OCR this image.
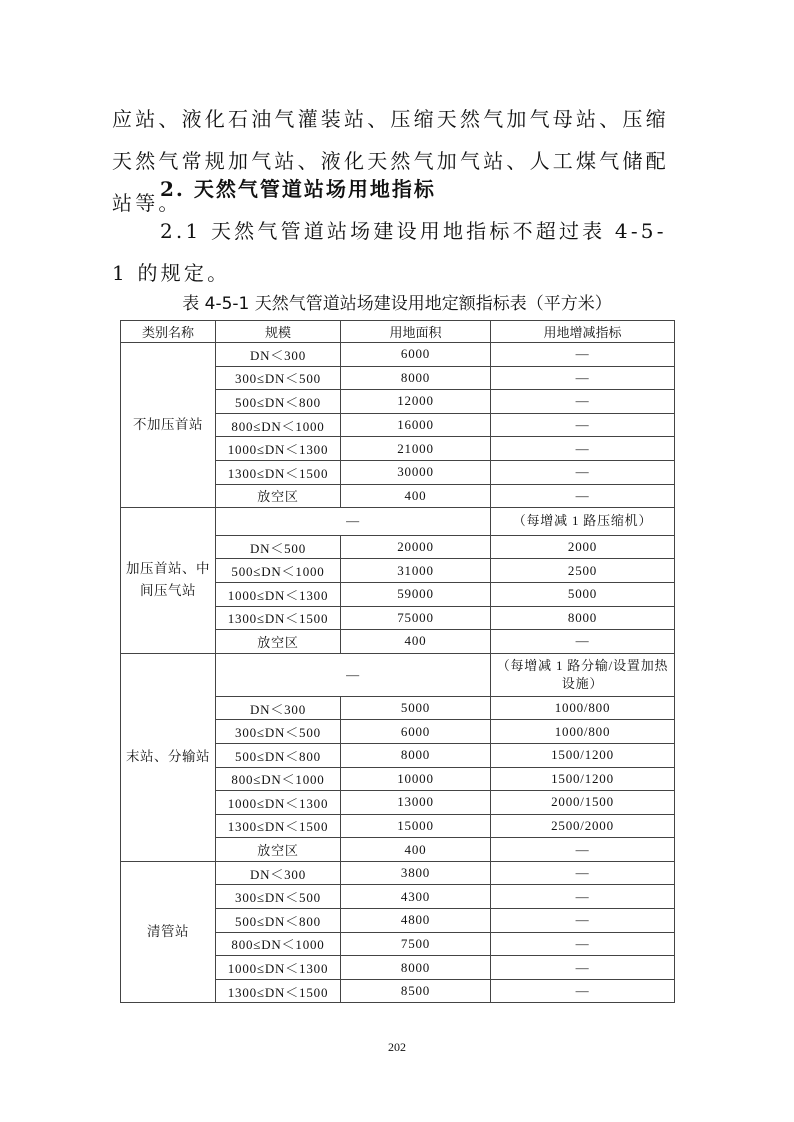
应站、液化石油气灌装站、压缩天然气加气母站、压缩天然气常规加气站、液化天然气加气站、人工煤气储配站等。

2. 天然气管道站场用地指标

2.1 天然气管道站场建设用地指标不超过表 4-5-1 的规定。

表 4-5-1 天然气管道站场建设用地定额指标表（平方米）
类别名称	规模	用地面积	用地增减指标
不加压首站	DN＜300	6000	—
	300≤DN＜500	8000	—
	500≤DN＜800	12000	—
	800≤DN＜1000	16000	—
	1000≤DN＜1300	21000	—
	1300≤DN＜1500	30000	—
	放空区	400	—
加压首站、中间压气站	—		（每增减 1 路压缩机）
	DN＜500	20000	2000
	500≤DN＜1000	31000	2500
	1000≤DN＜1300	59000	5000
	1300≤DN＜1500	75000	8000
	放空区	400	—
末站、分输站	—		（每增减 1 路分输/设置加热设施）
	DN＜300	5000	1000/800
	300≤DN＜500	6000	1000/800
	500≤DN＜800	8000	1500/1200
	800≤DN＜1000	10000	1500/1200
	1000≤DN＜1300	13000	2000/1500
	1300≤DN＜1500	15000	2500/2000
	放空区	400	—
清管站	DN＜300	3800	—
	300≤DN＜500	4300	—
	500≤DN＜800	4800	—
	800≤DN＜1000	7500	—
	1000≤DN＜1300	8000	—
	1300≤DN＜1500	8500	—
202
